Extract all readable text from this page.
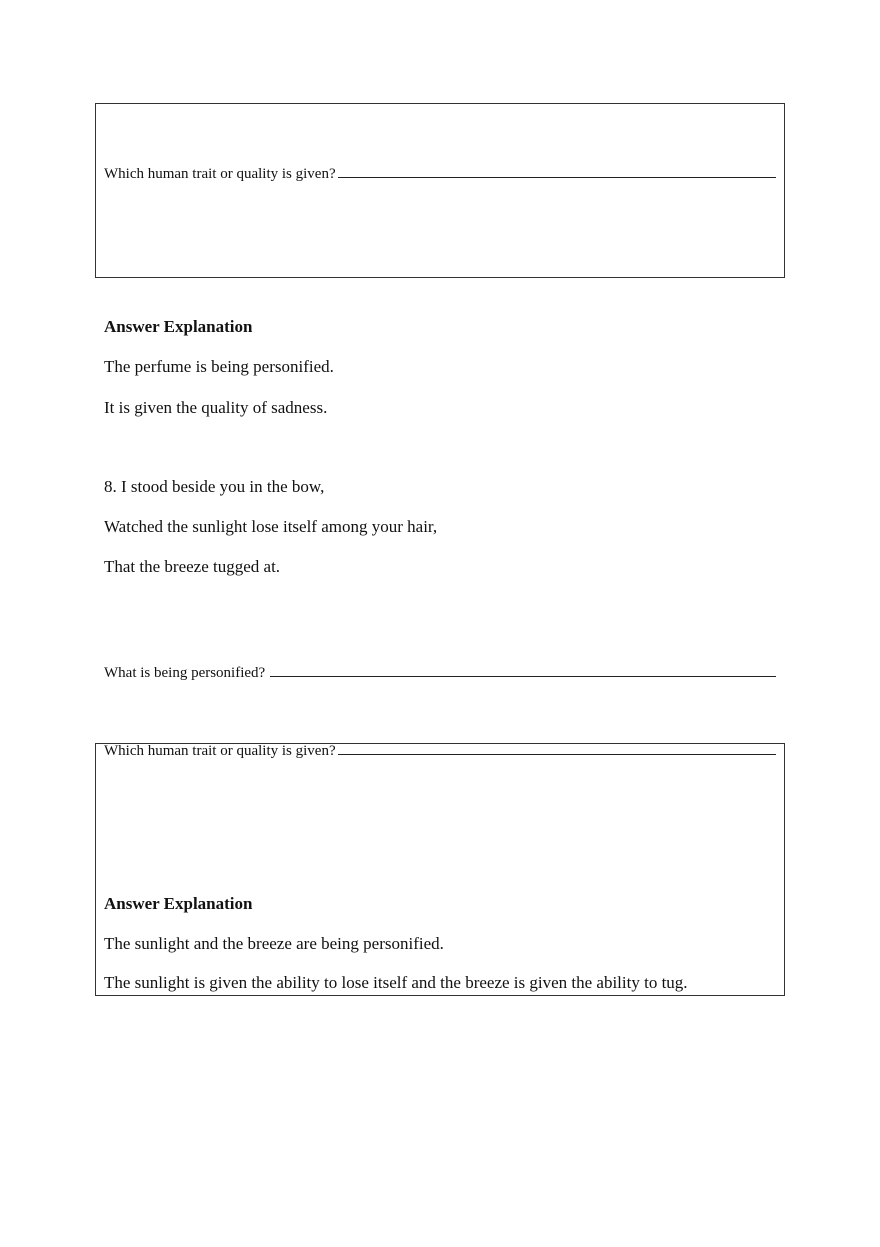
Which human trait or quality is given?
Answer Explanation
The perfume is being personified.
It is given the quality of sadness.
8. I stood beside you in the bow,
Watched the sunlight lose itself among your hair,
That the breeze tugged at.
What is being personified?
Which human trait or quality is given?
Answer Explanation
The sunlight and the breeze are being personified.
The sunlight is given the ability to lose itself and the breeze is given the ability to tug.
